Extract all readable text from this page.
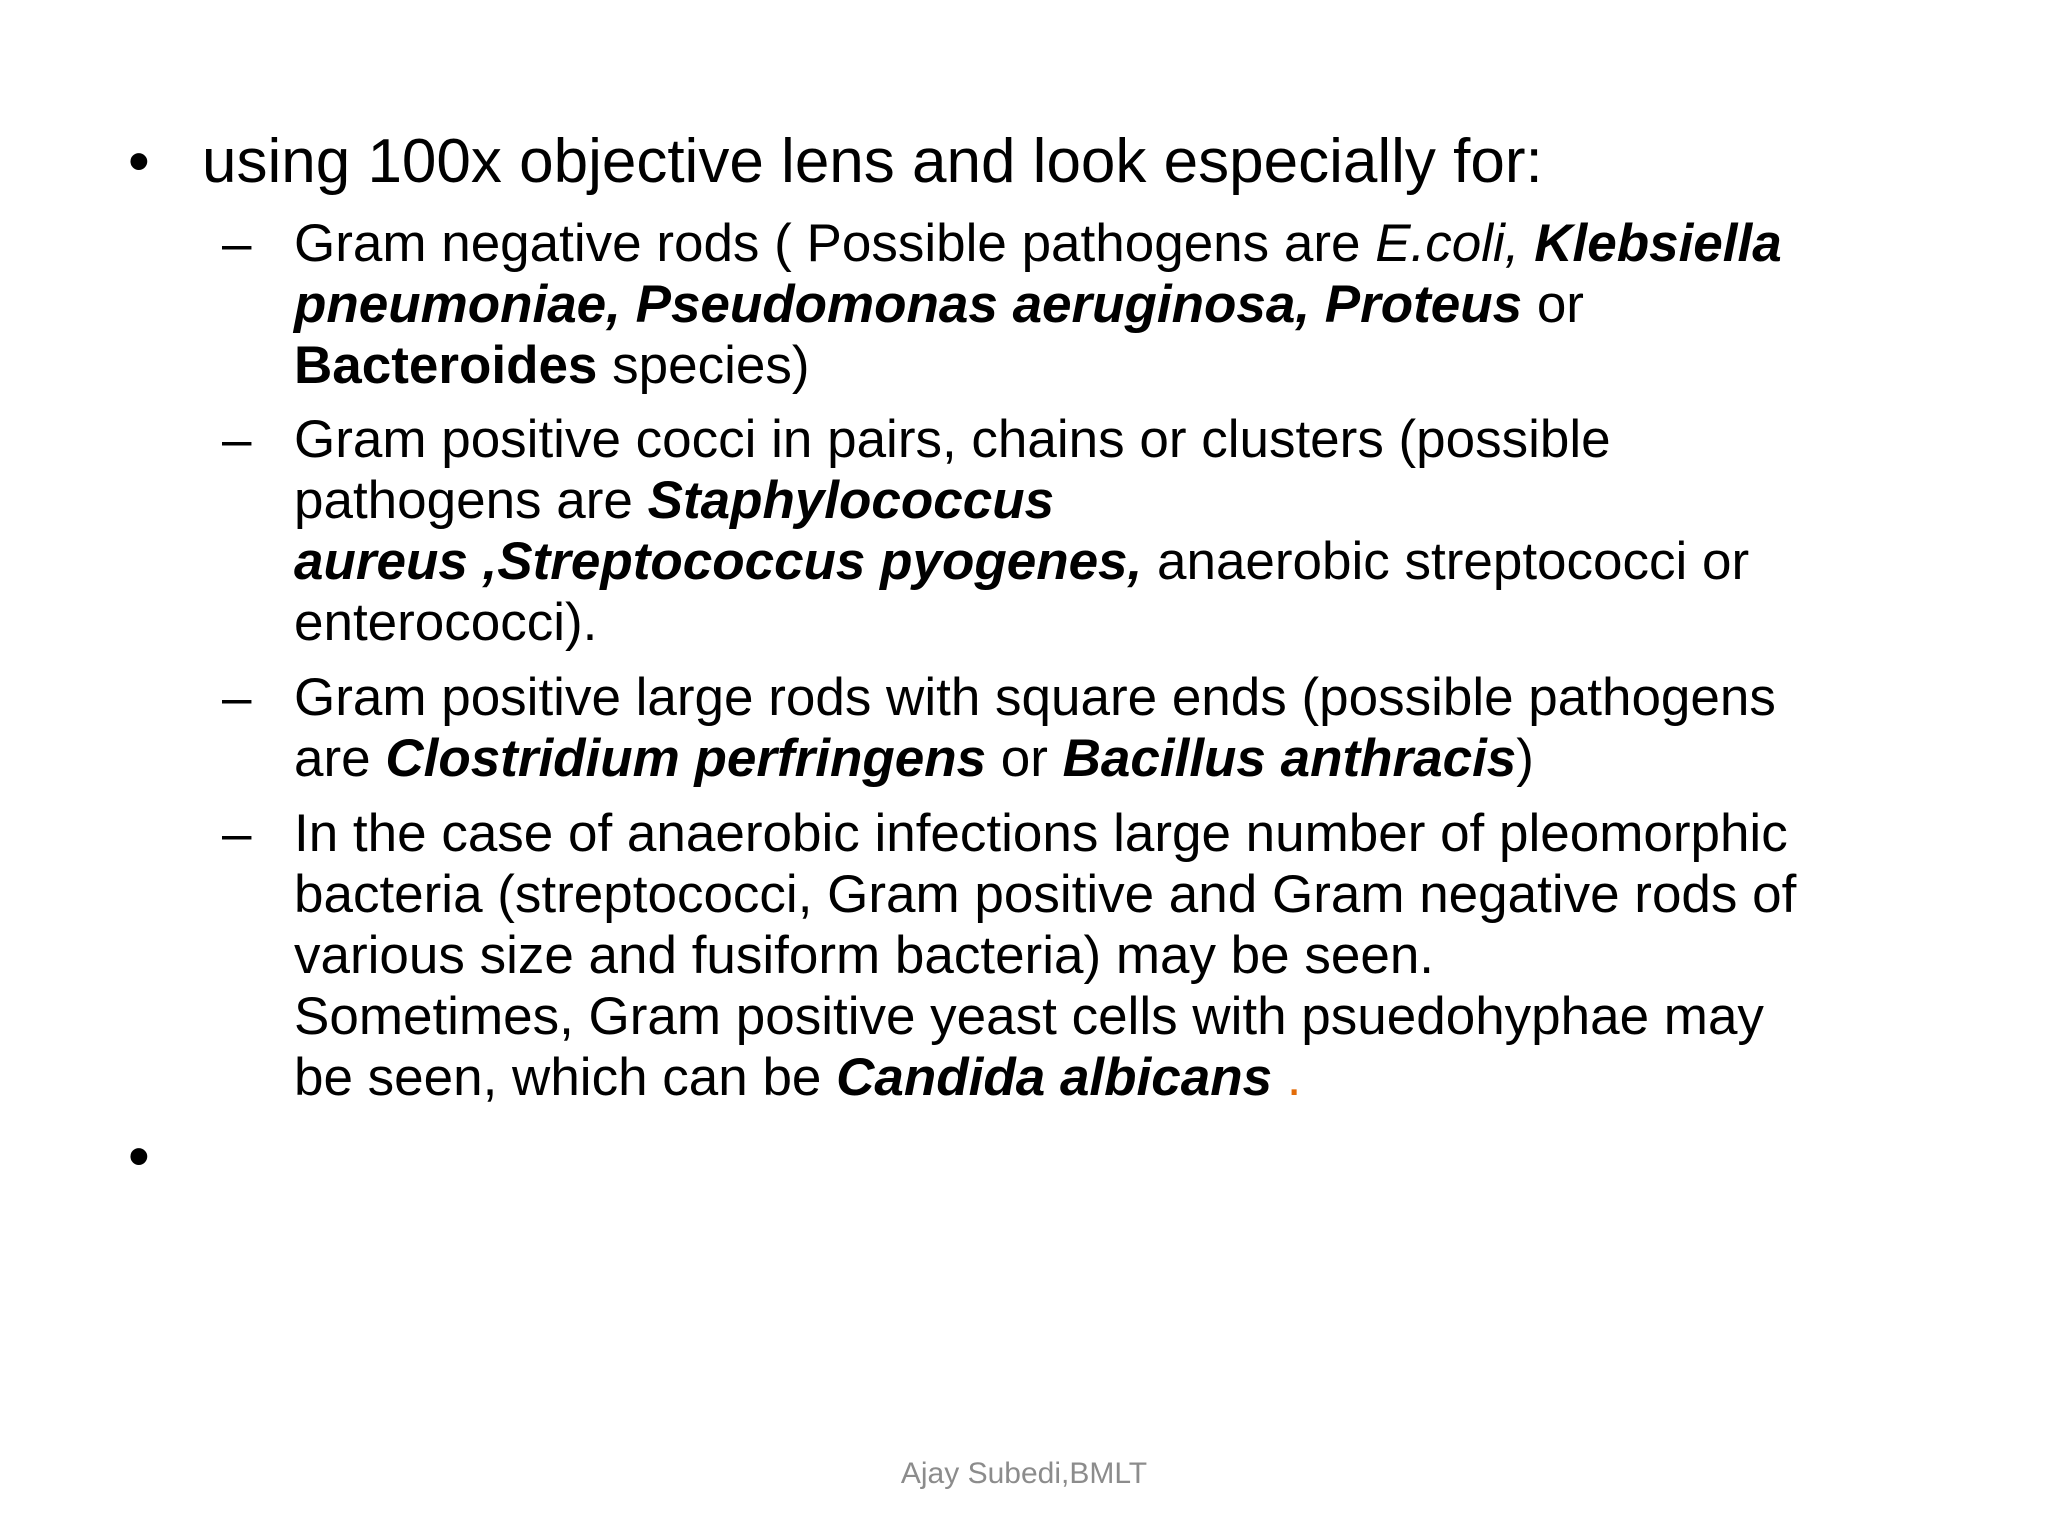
• using 100x objective lens and look especially for:
– Gram negative rods ( Possible pathogens are E.coli, Klebsiella
pneumoniae, Pseudomonas aeruginosa, Proteus or
Bacteroides species)
– Gram positive cocci in pairs, chains or clusters (possible
pathogens are Staphylococcus
aureus ,Streptococcus pyogenes, anaerobic streptococci or
enterococci).
– Gram positive large rods with square ends (possible pathogens
are Clostridium perfringens or Bacillus anthracis)
– In the case of anaerobic infections large number of pleomorphic
bacteria (streptococci, Gram positive and Gram negative rods of
various size and fusiform bacteria) may be seen.
Sometimes, Gram positive yeast cells with psuedohyphae may
be seen, which can be Candida albicans .
•
Ajay Subedi,BMLT
